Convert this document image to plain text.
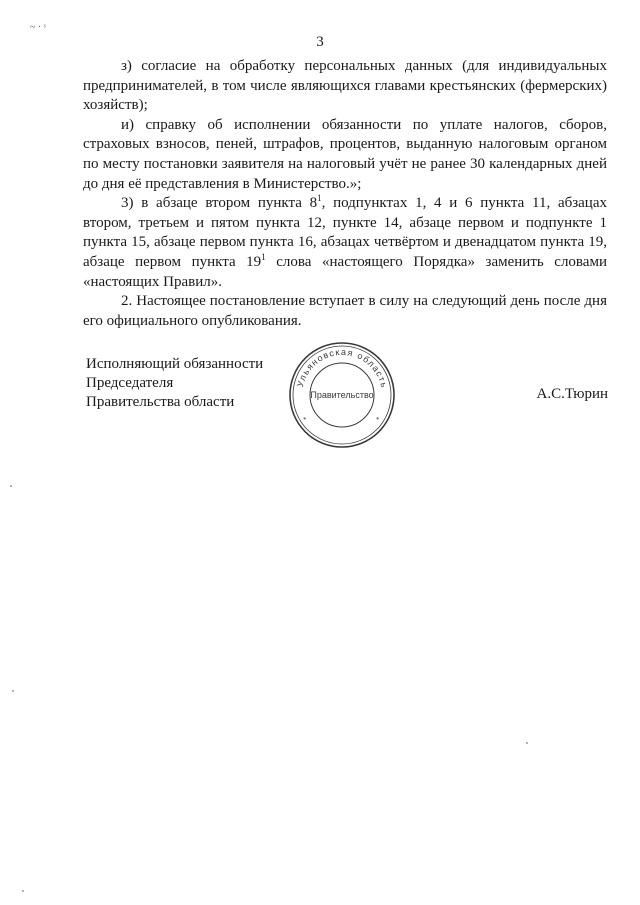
~ · ˢ
3

з) согласие на обработку персональных данных (для индивидуальных предпринимателей, в том числе являющихся главами крестьянских (фермерских) хозяйств);

и) справку об исполнении обязанности по уплате налогов, сборов, страховых взносов, пеней, штрафов, процентов, выданную налоговым органом по месту постановки заявителя на налоговый учёт не ранее 30 календарных дней до дня её представления в Министерство.»;

3) в абзаце втором пункта $8^1$, подпунктах 1, 4 и 6 пункта 11, абзацах втором, третьем и пятом пункта 12, пункте 14, абзаце первом и подпункте 1 пункта 15, абзаце первом пункта 16, абзацах четвёртом и двенадцатом пункта 19, абзаце первом пункта $19^1$ слова «настоящего Порядка» заменить словами «настоящих Правил».

2. Настоящее постановление вступает в силу на следующий день после дня его официального опубликования.

Исполняющий обязанности
Председателя
Правительства области
Ульяновская область
Правительство
*	*
А.С.Тюрин
